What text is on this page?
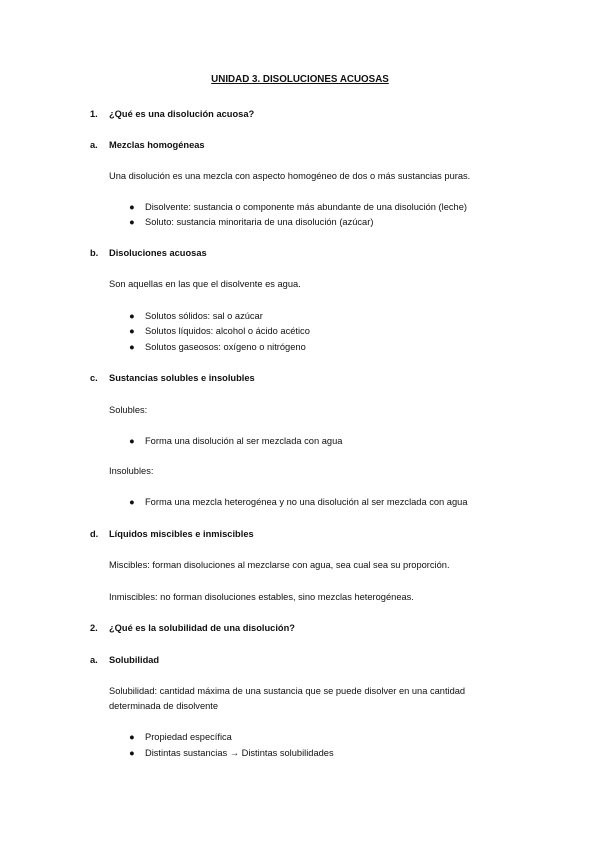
UNIDAD 3. DISOLUCIONES ACUOSAS
1. ¿Qué es una disolución acuosa?
a. Mezclas homogéneas
Una disolución es una mezcla con aspecto homogéneo de dos o más sustancias puras.
● Disolvente: sustancia o componente más abundante de una disolución (leche)
● Soluto: sustancia minoritaria de una disolución (azúcar)
b. Disoluciones acuosas
Son aquellas en las que el disolvente es agua.
● Solutos sólidos: sal o azúcar
● Solutos líquidos: alcohol o ácido acético
● Solutos gaseosos: oxígeno o nitrógeno
c. Sustancias solubles e insolubles
Solubles:
● Forma una disolución al ser mezclada con agua
Insolubles:
● Forma una mezcla heterogénea y no una disolución al ser mezclada con agua
d. Líquidos miscibles e inmiscibles
Miscibles: forman disoluciones al mezclarse con agua, sea cual sea su proporción.
Inmiscibles: no forman disoluciones estables, sino mezclas heterogéneas.
2. ¿Qué es la solubilidad de una disolución?
a. Solubilidad
Solubilidad: cantidad máxima de una sustancia que se puede disolver en una cantidad
determinada de disolvente
● Propiedad específica
● Distintas sustancias → Distintas solubilidades
